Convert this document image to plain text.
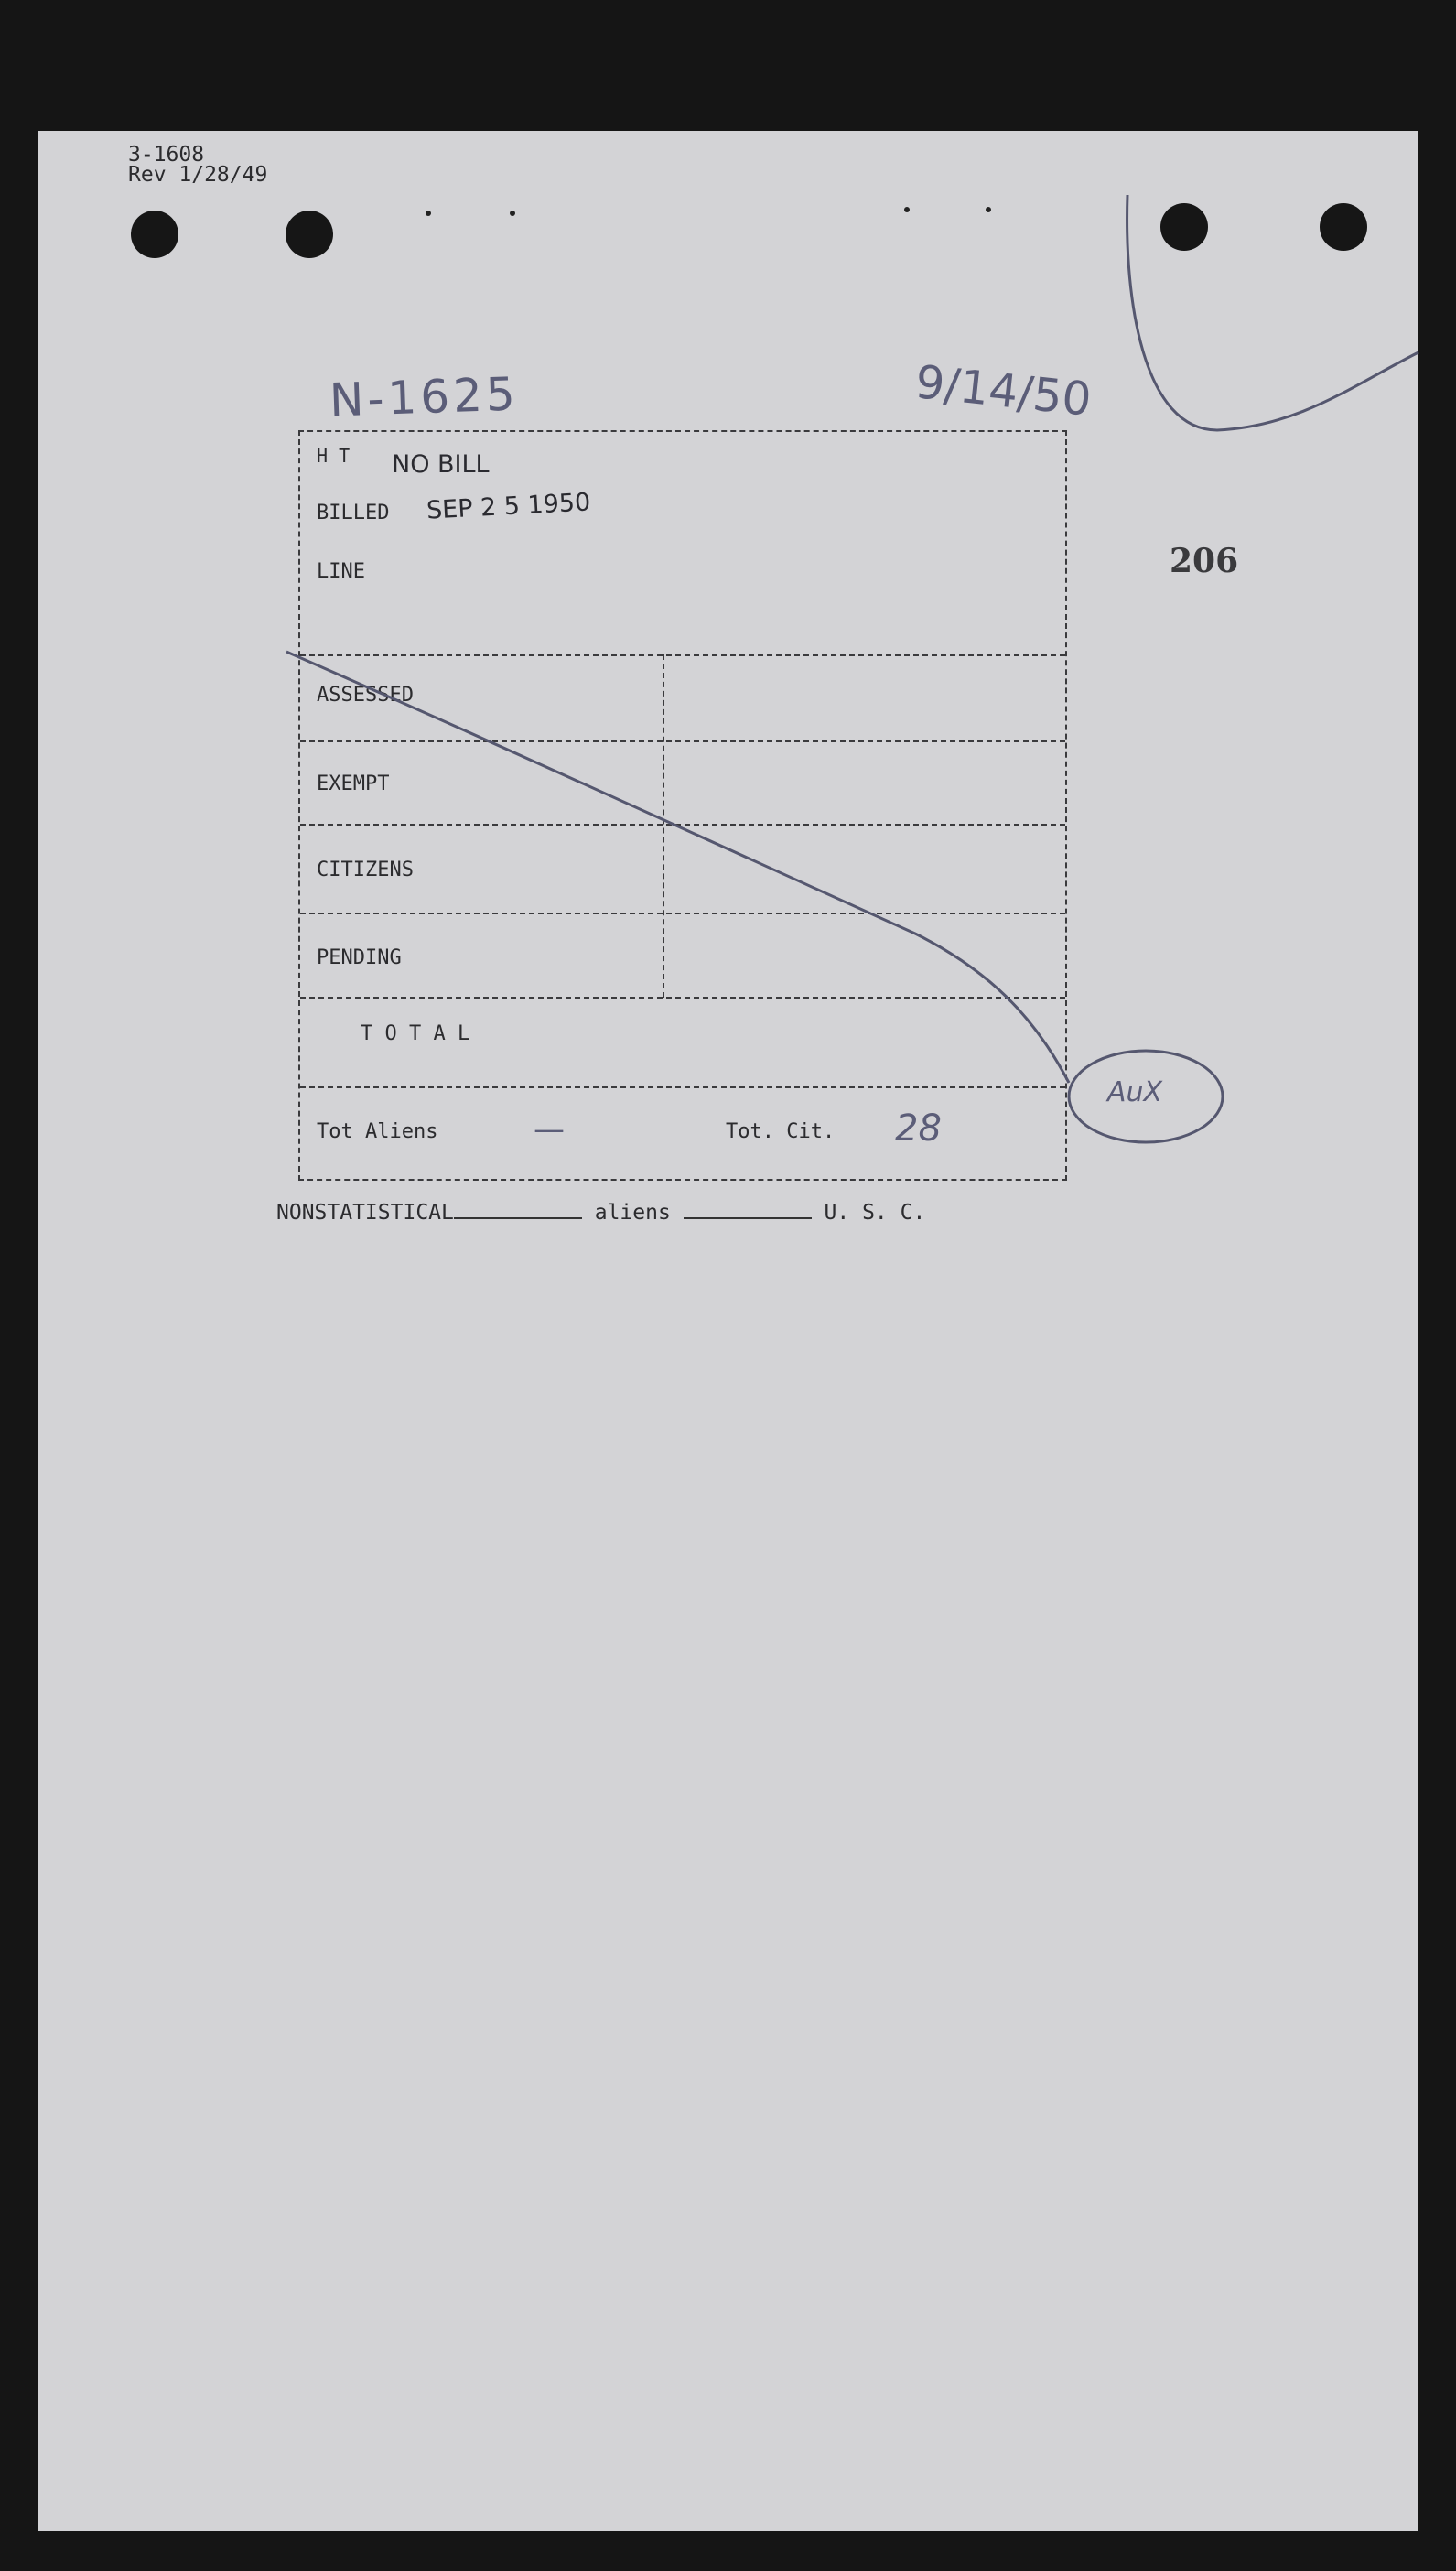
3-1608
Rev 1/28/49
N-1625	9/14/50
206
H T NO BILL
BILLED SEP 2 5 1950
LINE
ASSESSED
EXEMPT
CITIZENS
PENDING
T O T A L
Tot Aliens	—	Tot. Cit. 28
AuX
NONSTATISTICAL	aliens	U. S. C.
